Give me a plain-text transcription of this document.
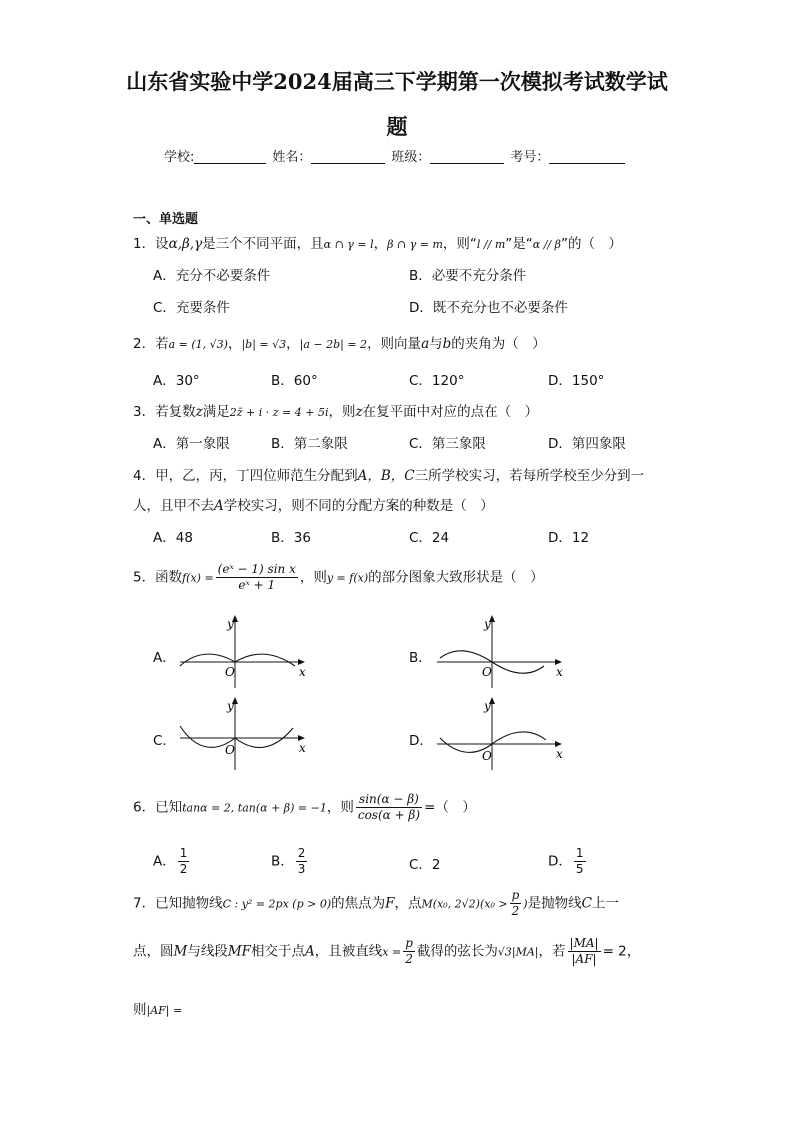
山东省实验中学2024届高三下学期第一次模拟考试数学试
题
学校:	姓名：	班级：	考号：
一、单选题
1．设α,β,γ是三个不同平面，且α ∩ γ = l，β ∩ γ = m，则“l // m”是“α // β”的（　）
A．充分不必要条件	B．必要不充分条件
C．充要条件	D．既不充分也不必要条件
2．若a = (1, √3)，|b| = √3，|a − 2b| = 2，则向量a与b的夹角为（　）
A．30°	B．60°	C．120°	D．150°
3．若复数z满足2z̄ + i · z = 4 + 5i，则z在复平面中对应的点在（　）
A．第一象限	B．第二象限	C．第三象限	D．第四象限
4．甲，乙，丙，丁四位师范生分配到A，B，C三所学校实习，若每所学校至少分到一
人，且甲不去A学校实习，则不同的分配方案的种数是（　）
A．48	B．36	C．24	D．12
5．函数$f(x) = \frac{\text{(eˣ − 1) sin x}}{\text{eˣ + 1}}$ ，则y = f(x)的部分图象大致形状是（　）
A．	B．
C．	D．
y
x
O
y
x
O
y
x
O
y
x
O
6．已知tanα = 2, tan(α + β) = −1，则 $\frac{\sin(\alpha - \beta)}{\cos(\alpha + \beta)}$ =（　）
A． $\frac{1}{2}$	B． $\frac{2}{3}$	C．2	D． $\frac{1}{5}$
7．已知抛物线C : y² = 2px (p > 0)的焦点为F，点M(x₀, $2√2)(x_0 > \frac{p}{2}$ )是抛物线C上一
点，圆M与线段MF相交于点A，且被直线$x = \frac{p}{2}$ 截得的弦长为√3|MA|，若 $\frac{|MA|}{|AF|} = 2$，
则|AF| =
